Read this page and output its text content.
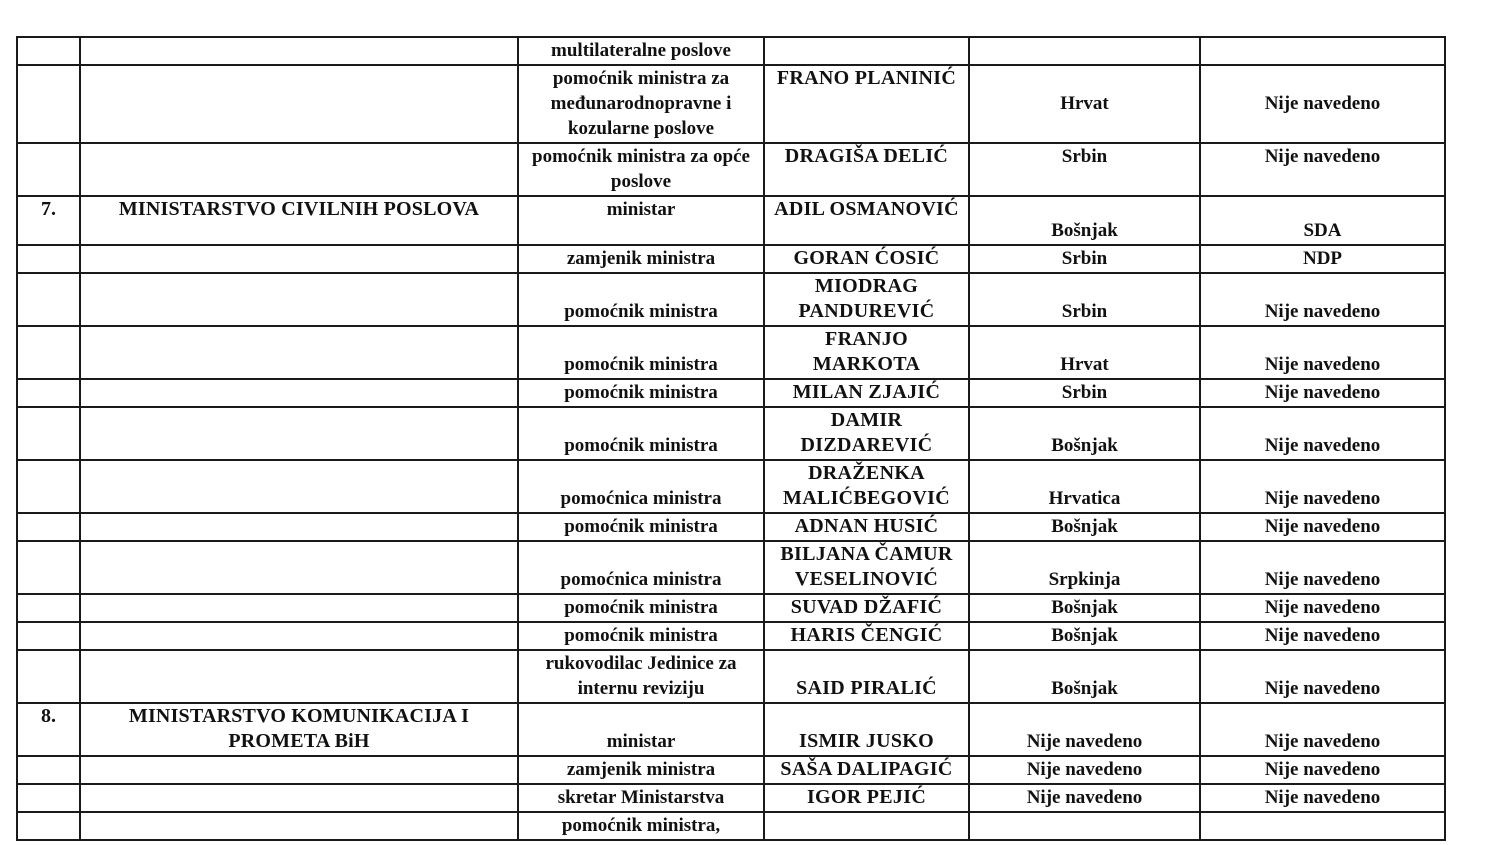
		multilateralne poslove			
		pomoćnik ministra za međunarodnopravne i kozularne poslove	FRANO PLANINIĆ	Hrvat	Nije navedeno
		pomoćnik ministra za opće poslove	DRAGIŠA DELIĆ	Srbin	Nije navedeno
7.	MINISTARSTVO CIVILNIH POSLOVA	ministar	ADIL OSMANOVIĆ	Bošnjak	SDA
		zamjenik ministra	GORAN ĆOSIĆ	Srbin	NDP
		pomoćnik ministra	MIODRAG PANDUREVIĆ	Srbin	Nije navedeno
		pomoćnik ministra	FRANJO MARKOTA	Hrvat	Nije navedeno
		pomoćnik ministra	MILAN ZJAJIĆ	Srbin	Nije navedeno
		pomoćnik ministra	DAMIR DIZDAREVIĆ	Bošnjak	Nije navedeno
		pomoćnica ministra	DRAŽENKA MALIĆBEGOVIĆ	Hrvatica	Nije navedeno
		pomoćnik ministra	ADNAN HUSIĆ	Bošnjak	Nije navedeno
		pomoćnica ministra	BILJANA ČAMUR VESELINOVIĆ	Srpkinja	Nije navedeno
		pomoćnik ministra	SUVAD DŽAFIĆ	Bošnjak	Nije navedeno
		pomoćnik ministra	HARIS ČENGIĆ	Bošnjak	Nije navedeno
		rukovodilac Jedinice za internu reviziju	SAID PIRALIĆ	Bošnjak	Nije navedeno
8.	MINISTARSTVO KOMUNIKACIJA I PROMETA BiH	ministar	ISMIR JUSKO	Nije navedeno	Nije navedeno
		zamjenik ministra	SAŠA DALIPAGIĆ	Nije navedeno	Nije navedeno
		skretar Ministarstva	IGOR PEJIĆ	Nije navedeno	Nije navedeno
		pomoćnik ministra,			
